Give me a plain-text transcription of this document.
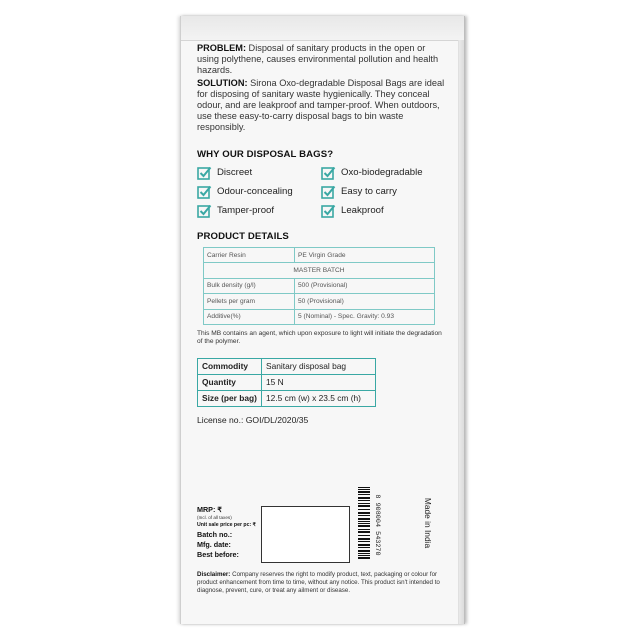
PROBLEM: Disposal of sanitary products in the open or using polythene, causes environmental pollution and health hazards.

SOLUTION: Sirona Oxo-degradable Disposal Bags are ideal for disposing of sanitary waste hygienically. They conceal odour, and are leakproof and tamper-proof. When outdoors, use these easy-to-carry disposal bags to bin waste responsibly.

WHY OUR DISPOSAL BAGS?
Discreet	Oxo-biodegradable
Odour-concealing	Easy to carry
Tamper-proof	Leakproof
PRODUCT DETAILS
Carrier Resin	PE Virgin Grade
MASTER BATCH	
Bulk density (g/l)	500 (Provisional)
Pellets per gram	50 (Provisional)
Additive(%)	5 (Nominal) - Spec. Gravity: 0.93
This MB contains an agent, which upon exposure to light will initiate the degradation of the polymer.
Commodity	Sanitary disposal bag
Quantity	15 N
Size (per bag)	12.5 cm (w) x 23.5 cm (h)
License no.: GOI/DL/2020/35
MRP: ₹
(Incl. of all taxes)
Unit sale price per pc: ₹
Batch no.:
Mfg. date:
Best before:	8 908004 543270	Made in India
Disclaimer: Company reserves the right to modify product, text, packaging or colour for product enhancement from time to time, without any notice. This product isn't intended to diagnose, prevent, cure, or treat any ailment or disease.
